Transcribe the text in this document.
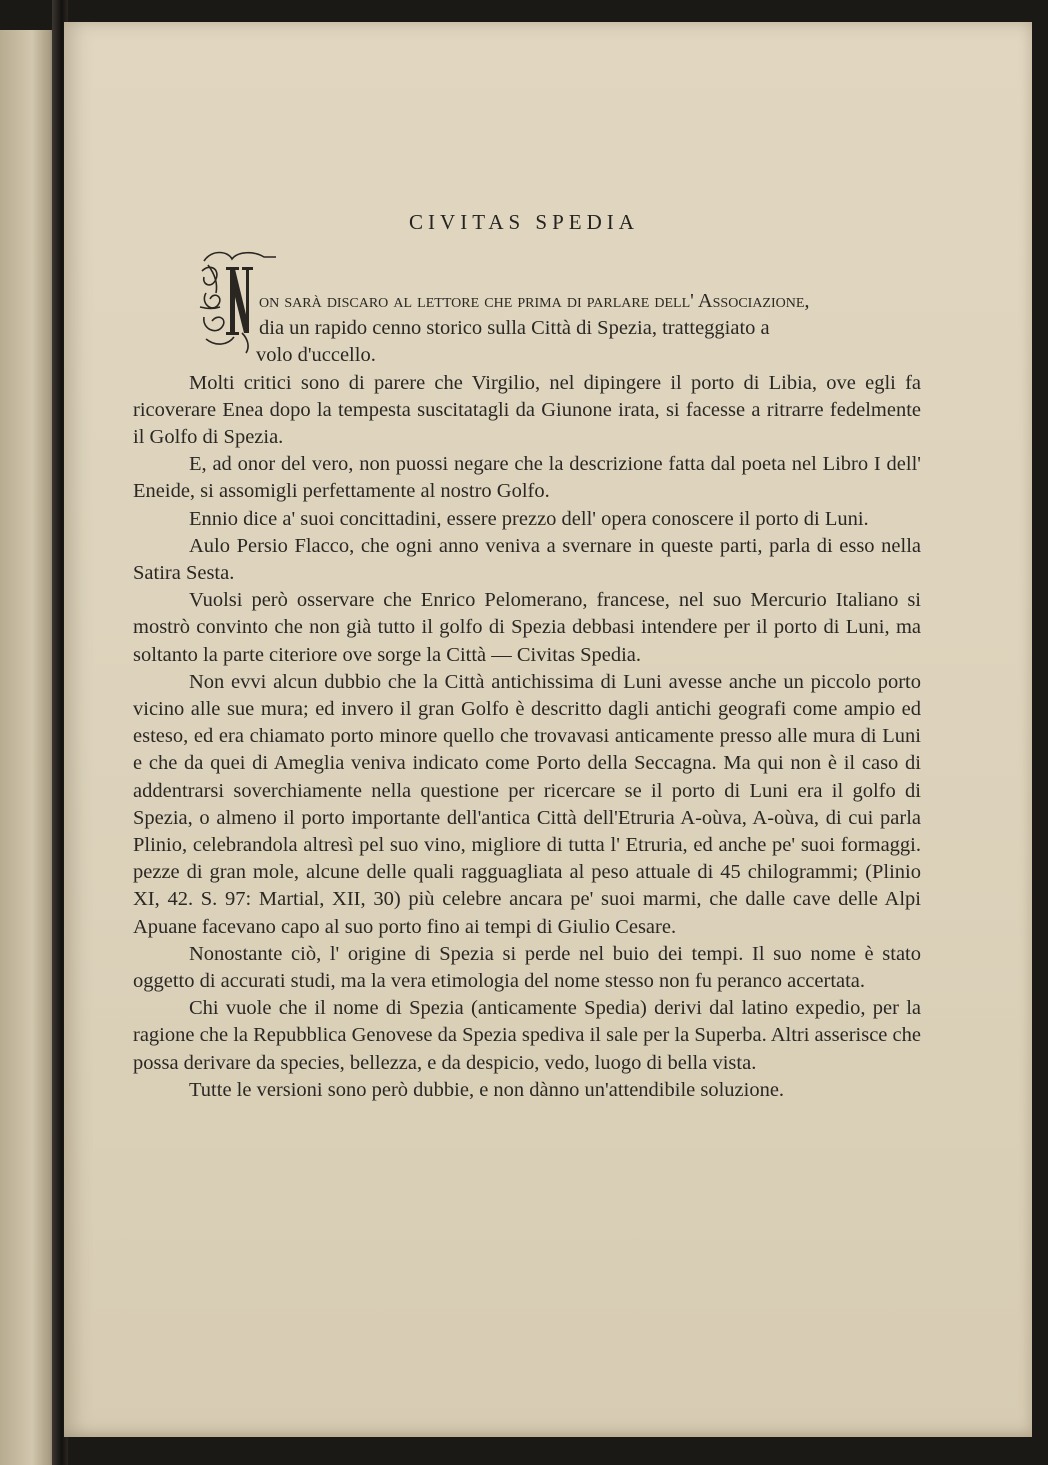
CIVITAS SPEDIA

on sarà discaro al lettore che prima di parlare dell' Associazione,
dia un rapido cenno storico sulla Città di Spezia, tratteggiato a
volo d'uccello.

Molti critici sono di parere che Virgilio, nel dipingere il porto di Libia, ove egli fa ricoverare Enea dopo la tempesta suscitatagli da Giunone irata, si facesse a ritrarre fedelmente il Golfo di Spezia.

E, ad onor del vero, non puossi negare che la descrizione fatta dal poeta nel Libro I dell' Eneide, si assomigli perfettamente al nostro Golfo.

Ennio dice a' suoi concittadini, essere prezzo dell' opera conoscere il porto di Luni.

Aulo Persio Flacco, che ogni anno veniva a svernare in queste parti, parla di esso nella Satira Sesta.

Vuolsi però osservare che Enrico Pelomerano, francese, nel suo Mercurio Italiano si mostrò convinto che non già tutto il golfo di Spezia debbasi intendere per il porto di Luni, ma soltanto la parte citeriore ove sorge la Città — Civitas Spedia.

Non evvi alcun dubbio che la Città antichissima di Luni avesse anche un piccolo porto vicino alle sue mura; ed invero il gran Golfo è descritto dagli antichi geografi come ampio ed esteso, ed era chiamato porto minore quello che trovavasi anticamente presso alle mura di Luni e che da quei di Ameglia veniva indicato come Porto della Seccagna. Ma qui non è il caso di addentrarsi soverchiamente nella questione per ricercare se il porto di Luni era il golfo di Spezia, o almeno il porto importante dell'antica Città dell'Etruria A-oùva, A-oùva, di cui parla Plinio, celebrandola altresì pel suo vino, migliore di tutta l' Etruria, ed anche pe' suoi formaggi. pezze di gran mole, alcune delle quali ragguagliata al peso attuale di 45 chilogrammi; (Plinio XI, 42. S. 97: Martial, XII, 30) più celebre ancara pe' suoi marmi, che dalle cave delle Alpi Apuane facevano capo al suo porto fino ai tempi di Giulio Cesare.

Nonostante ciò, l' origine di Spezia si perde nel buio dei tempi. Il suo nome è stato oggetto di accurati studi, ma la vera etimologia del nome stesso non fu peranco accertata.

Chi vuole che il nome di Spezia (anticamente Spedia) derivi dal latino expedio, per la ragione che la Repubblica Genovese da Spezia spediva il sale per la Superba. Altri asserisce che possa derivare da species, bellezza, e da despicio, vedo, luogo di bella vista.

Tutte le versioni sono però dubbie, e non dànno un'attendibile soluzione.
